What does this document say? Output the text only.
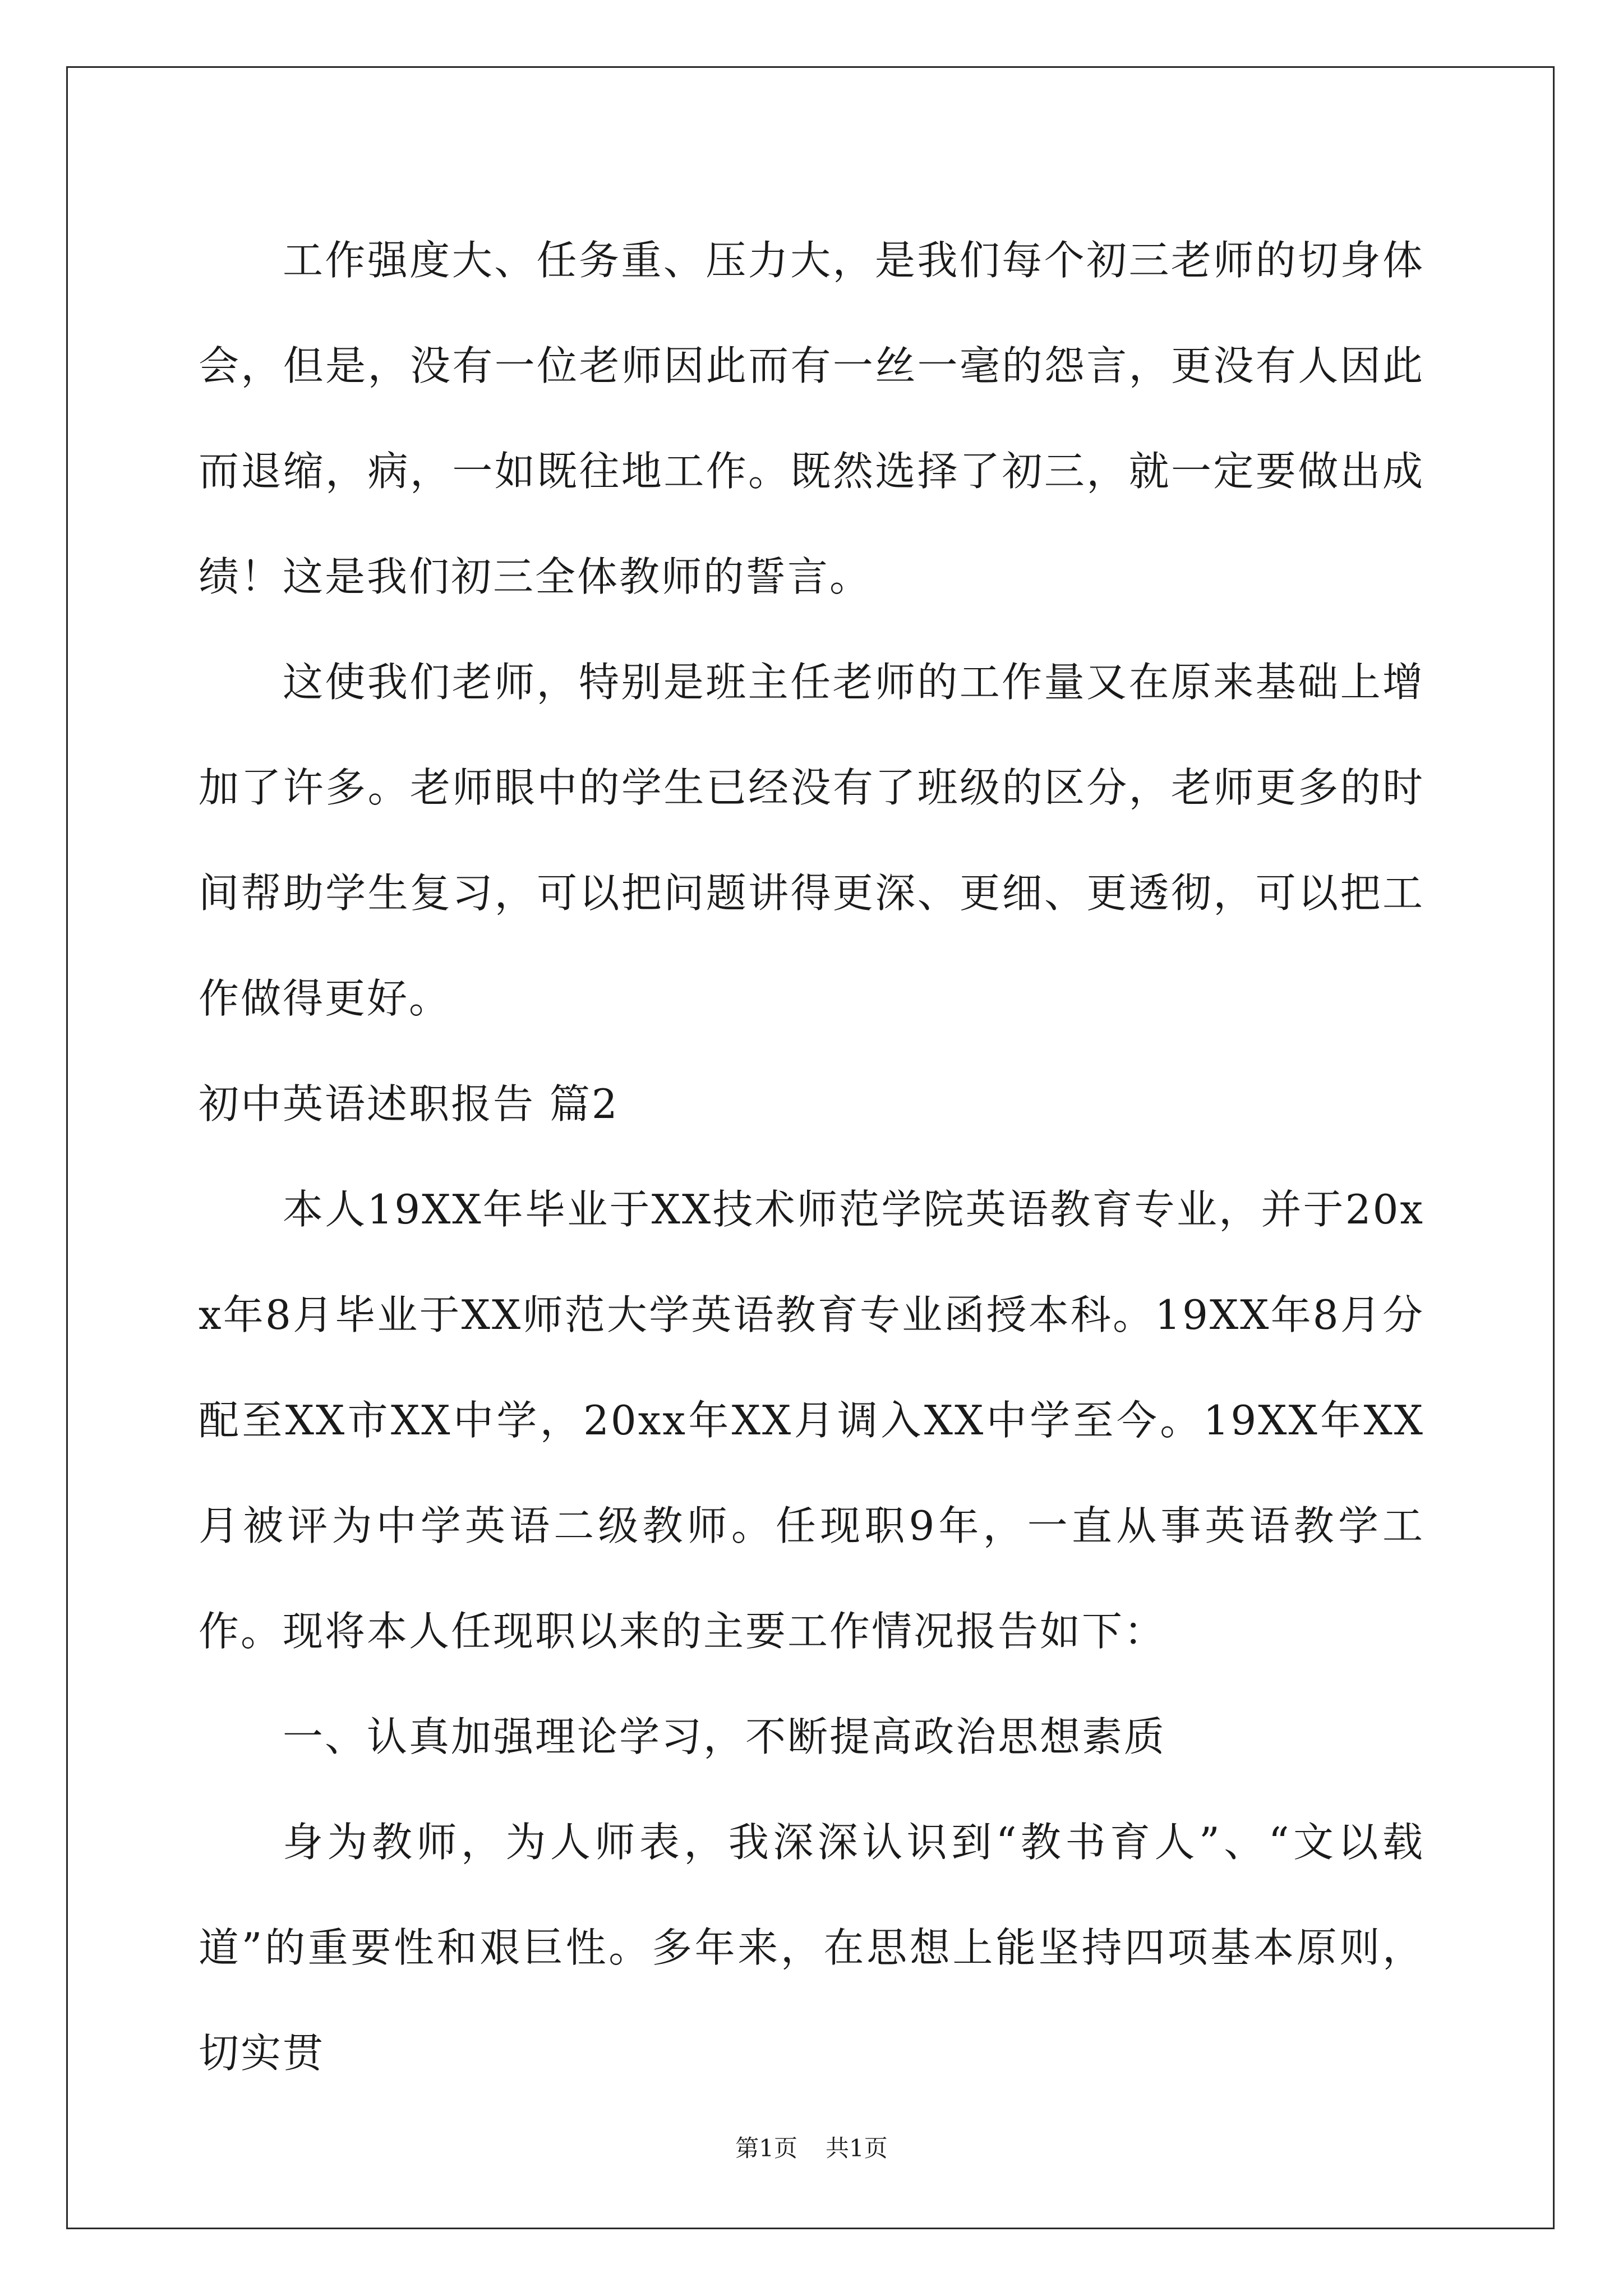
工作强度大、任务重、压力大，是我们每个初三老师的切身体会，但是，没有一位老师因此而有一丝一毫的怨言，更没有人因此而退缩，病，一如既往地工作。既然选择了初三，就一定要做出成绩！这是我们初三全体教师的誓言。

这使我们老师，特别是班主任老师的工作量又在原来基础上增加了许多。老师眼中的学生已经没有了班级的区分，老师更多的时间帮助学生复习，可以把问题讲得更深、更细、更透彻，可以把工作做得更好。

初中英语述职报告 篇2

本人19XX年毕业于XX技术师范学院英语教育专业，并于20xx年8月毕业于XX师范大学英语教育专业函授本科。19XX年8月分配至XX市XX中学，20xx年XX月调入XX中学至今。19XX年XX月被评为中学英语二级教师。任现职9年，一直从事英语教学工作。现将本人任现职以来的主要工作情况报告如下：

一、认真加强理论学习，不断提高政治思想素质

身为教师，为人师表，我深深认识到“教书育人”、“文以载道”的重要性和艰巨性。多年来，在思想上能坚持四项基本原则，切实贯

第1页 共1页
